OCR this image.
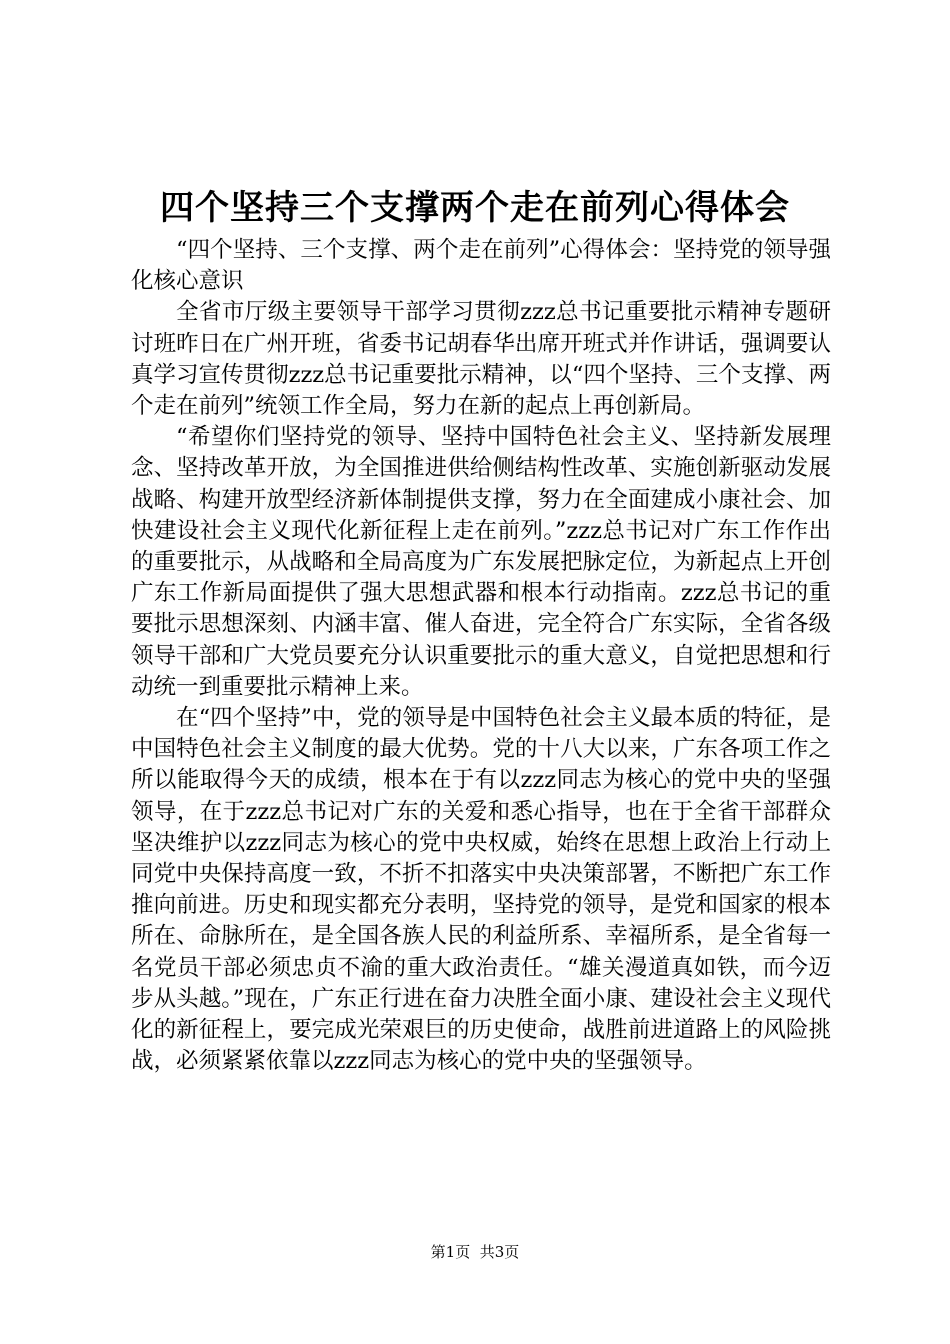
四个坚持三个支撑两个走在前列心得体会

“四个坚持、三个支撑、两个走在前列”心得体会：坚持党的领导强化核心意识

全省市厅级主要领导干部学习贯彻zzz总书记重要批示精神专题研讨班昨日在广州开班，省委书记胡春华出席开班式并作讲话，强调要认真学习宣传贯彻zzz总书记重要批示精神，以“四个坚持、三个支撑、两个走在前列”统领工作全局，努力在新的起点上再创新局。

“希望你们坚持党的领导、坚持中国特色社会主义、坚持新发展理念、坚持改革开放，为全国推进供给侧结构性改革、实施创新驱动发展战略、构建开放型经济新体制提供支撑，努力在全面建成小康社会、加快建设社会主义现代化新征程上走在前列。”zzz总书记对广东工作作出的重要批示，从战略和全局高度为广东发展把脉定位，为新起点上开创广东工作新局面提供了强大思想武器和根本行动指南。zzz总书记的重要批示思想深刻、内涵丰富、催人奋进，完全符合广东实际，全省各级领导干部和广大党员要充分认识重要批示的重大意义，自觉把思想和行动统一到重要批示精神上来。

在“四个坚持”中，党的领导是中国特色社会主义最本质的特征，是中国特色社会主义制度的最大优势。党的十八大以来，广东各项工作之所以能取得今天的成绩，根本在于有以zzz同志为核心的党中央的坚强领导，在于zzz总书记对广东的关爱和悉心指导，也在于全省干部群众坚决维护以zzz同志为核心的党中央权威，始终在思想上政治上行动上同党中央保持高度一致，不折不扣落实中央决策部署，不断把广东工作推向前进。历史和现实都充分表明，坚持党的领导，是党和国家的根本所在、命脉所在，是全国各族人民的利益所系、幸福所系，是全省每一名党员干部必须忠贞不渝的重大政治责任。“雄关漫道真如铁，而今迈步从头越。”现在，广东正行进在奋力决胜全面小康、建设社会主义现代化的新征程上，要完成光荣艰巨的历史使命，战胜前进道路上的风险挑战，必须紧紧依靠以zzz同志为核心的党中央的坚强领导。

第1页 共3页
